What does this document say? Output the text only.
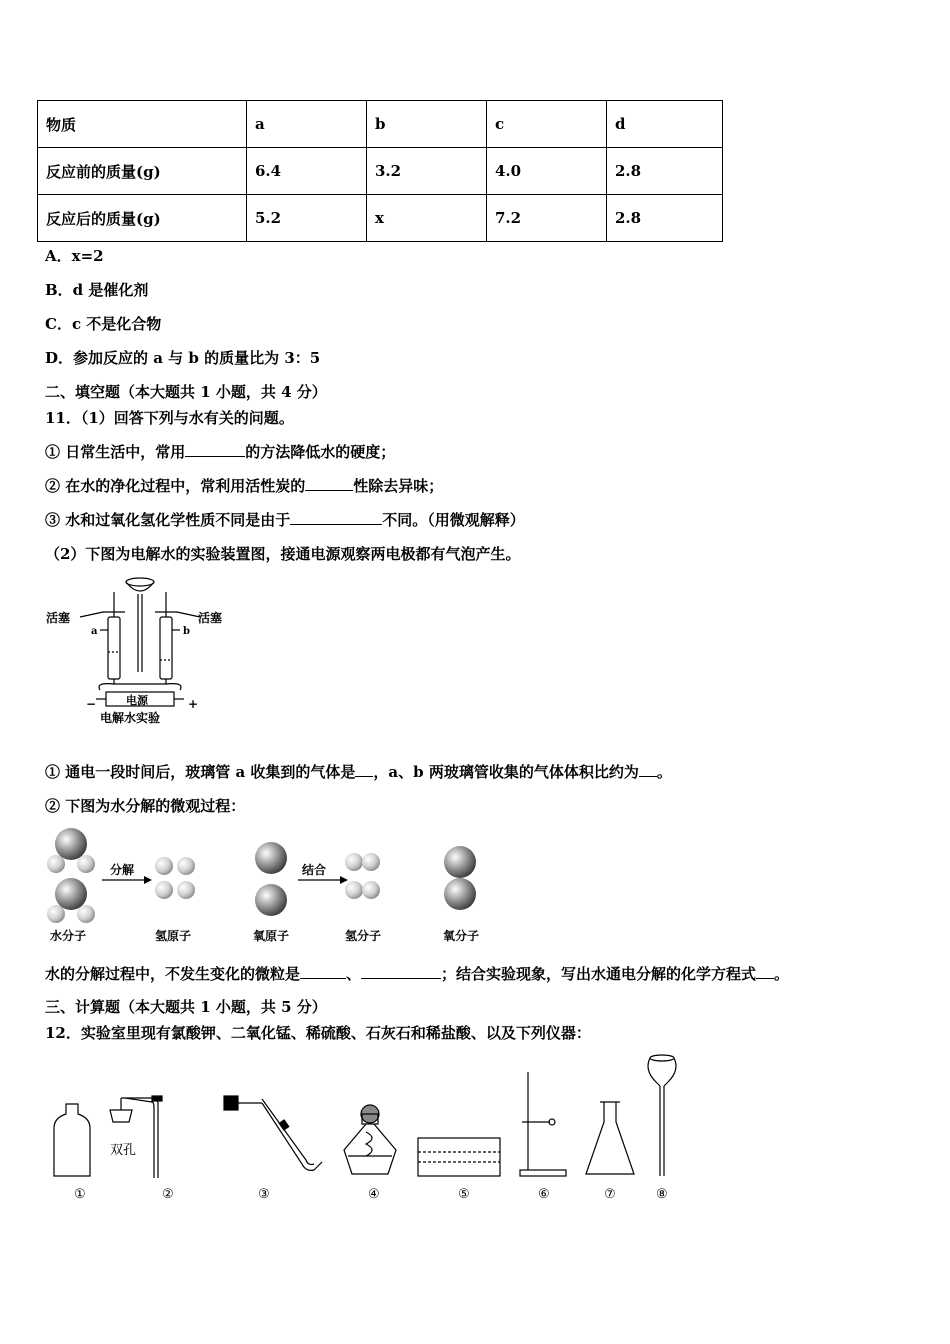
物质	a	b	c	d
反应前的质量(g)	6.4	3.2	4.0	2.8
反应后的质量(g)	5.2	x	7.2	2.8
A．x=2
B．d 是催化剂
C．c 不是化合物
D．参加反应的 a 与 b 的质量比为 3：5
二、填空题（本大题共 1 小题，共 4 分）
11．（1）回答下列与水有关的问题。
① 日常生活中，常用	的方法降低水的硬度；
② 在水的净化过程中，常利用活性炭的	性除去异味；
③ 水和过氧化氢化学性质不同是由于	不同。（用微观解释）
（2）下图为电解水的实验装置图，接通电源观察两电极都有气泡产生。
活塞	活塞
a	b
电源
−	+
电解水实验
① 通电一段时间后，玻璃管 a 收集到的气体是 ，a、b 两玻璃管收集的气体体积比约为 。
② 下图为水分解的微观过程：
分解	结合
水分子	氢原子	氧原子	氢分子	氧分子
水的分解过程中，不发生变化的微粒是	、	；结合实验现象，写出水通电分解的化学方程式 。
三、计算题（本大题共 1 小题，共 5 分）
12．实验室里现有氯酸钾、二氧化锰、稀硫酸、石灰石和稀盐酸、以及下列仪器：
双孔
①	②	③	④	⑤	⑥	⑦	⑧
